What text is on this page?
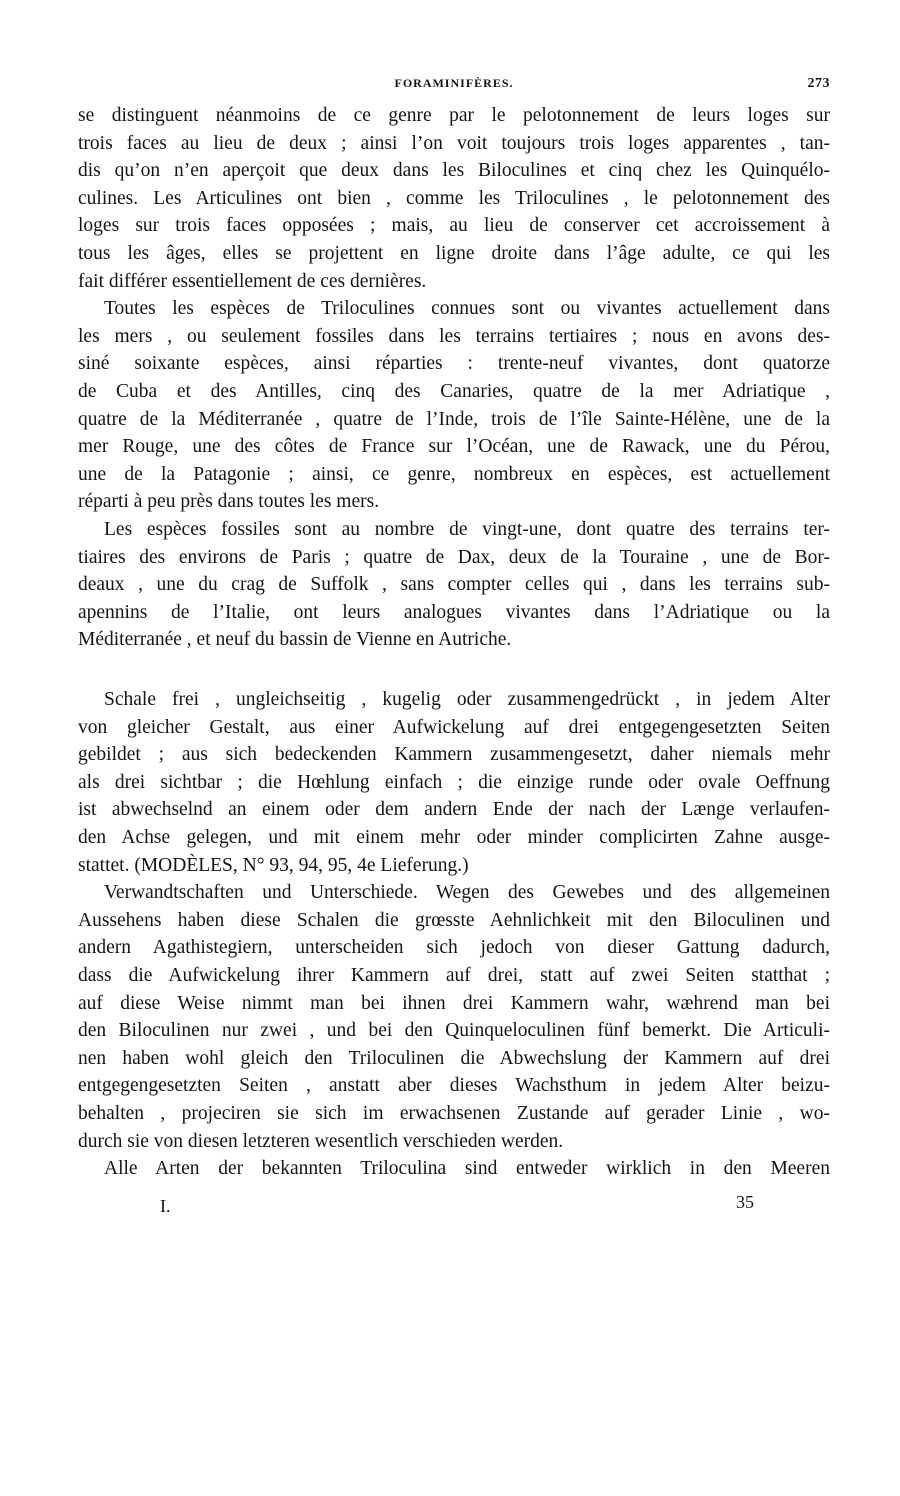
FORAMINIFÈRES.	273
se distinguent néanmoins de ce genre par le pelotonnement de leurs loges sur
trois faces au lieu de deux ; ainsi l’on voit toujours trois loges apparentes , tan-
dis qu’on n’en aperçoit que deux dans les Biloculines et cinq chez les Quinquélo-
culines. Les Articulines ont bien , comme les Triloculines , le pelotonnement des
loges sur trois faces opposées ; mais, au lieu de conserver cet accroissement à
tous les âges, elles se projettent en ligne droite dans l’âge adulte, ce qui les
fait différer essentiellement de ces dernières.
Toutes les espèces de Triloculines connues sont ou vivantes actuellement dans
les mers , ou seulement fossiles dans les terrains tertiaires ; nous en avons des-
siné soixante espèces, ainsi réparties : trente-neuf vivantes, dont quatorze
de Cuba et des Antilles, cinq des Canaries, quatre de la mer Adriatique ,
quatre de la Méditerranée , quatre de l’Inde, trois de l’île Sainte-Hélène, une de la
mer Rouge, une des côtes de France sur l’Océan, une de Rawack, une du Pérou,
une de la Patagonie ; ainsi, ce genre, nombreux en espèces, est actuellement
réparti à peu près dans toutes les mers.
Les espèces fossiles sont au nombre de vingt-une, dont quatre des terrains ter-
tiaires des environs de Paris ; quatre de Dax, deux de la Touraine , une de Bor-
deaux , une du crag de Suffolk , sans compter celles qui , dans les terrains sub-
apennins de l’Italie, ont leurs analogues vivantes dans l’Adriatique ou la
Méditerranée , et neuf du bassin de Vienne en Autriche.
Schale frei , ungleichseitig , kugelig oder zusammengedrückt , in jedem Alter
von gleicher Gestalt, aus einer Aufwickelung auf drei entgegengesetzten Seiten
gebildet ; aus sich bedeckenden Kammern zusammengesetzt, daher niemals mehr
als drei sichtbar ; die Hœhlung einfach ; die einzige runde oder ovale Oeffnung
ist abwechselnd an einem oder dem andern Ende der nach der Længe verlaufen-
den Achse gelegen, und mit einem mehr oder minder complicirten Zahne ausge-
stattet. (MODÈLES, N° 93, 94, 95, 4e Lieferung.)
Verwandtschaften und Unterschiede. Wegen des Gewebes und des allgemeinen
Aussehens haben diese Schalen die grœsste Aehnlichkeit mit den Biloculinen und
andern Agathistegiern, unterscheiden sich jedoch von dieser Gattung dadurch,
dass die Aufwickelung ihrer Kammern auf drei, statt auf zwei Seiten statthat ;
auf diese Weise nimmt man bei ihnen drei Kammern wahr, wæhrend man bei
den Biloculinen nur zwei , und bei den Quinqueloculinen fünf bemerkt. Die Articuli-
nen haben wohl gleich den Triloculinen die Abwechslung der Kammern auf drei
entgegengesetzten Seiten , anstatt aber dieses Wachsthum in jedem Alter beizu-
behalten , projeciren sie sich im erwachsenen Zustande auf gerader Linie , wo-
durch sie von diesen letzteren wesentlich verschieden werden.
Alle Arten der bekannten Triloculina sind entweder wirklich in den Meeren
I.	35
